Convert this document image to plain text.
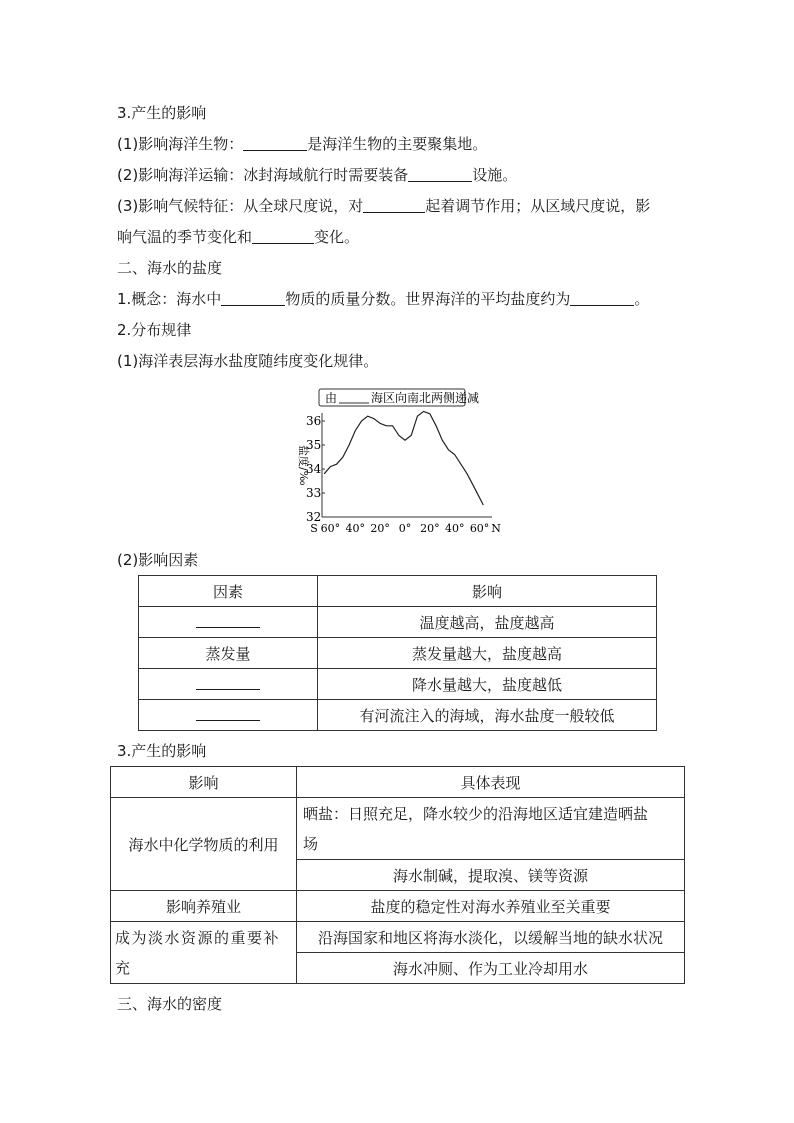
3.产生的影响
(1)影响海洋生物：	是海洋生物的主要聚集地。
(2)影响海洋运输：冰封海域航行时需要装备	设施。
(3)影响气候特征：从全球尺度说，对	起着调节作用；从区域尺度说，影
响气温的季节变化和	变化。
二、海水的盐度
1.概念：海水中	物质的质量分数。世界海洋的平均盐度约为	。
2.分布规律
(1)海洋表层海水盐度随纬度变化规律。
由	海区向南北两侧递减
盐度/‰
36
35
34
33
32
S 60° 40° 20° 0° 20° 40° 60° N
(2)影响因素
因素	影响
	温度越高，盐度越高
蒸发量	蒸发量越大，盐度越高
	降水量越大，盐度越低
	有河流注入的海域，海水盐度一般较低
3.产生的影响
影响	具体表现
海水中化学物质的利用	晒盐：日照充足，降水较少的沿海地区适宜建造晒盐
场

	海水制碱，提取溴、镁等资源
影响养殖业	盐度的稳定性对海水养殖业至关重要

成为淡水资源的重要补
充	沿海国家和地区将海水淡化，以缓解当地的缺水状况
	海水冲厕、作为工业冷却用水
三、海水的密度
